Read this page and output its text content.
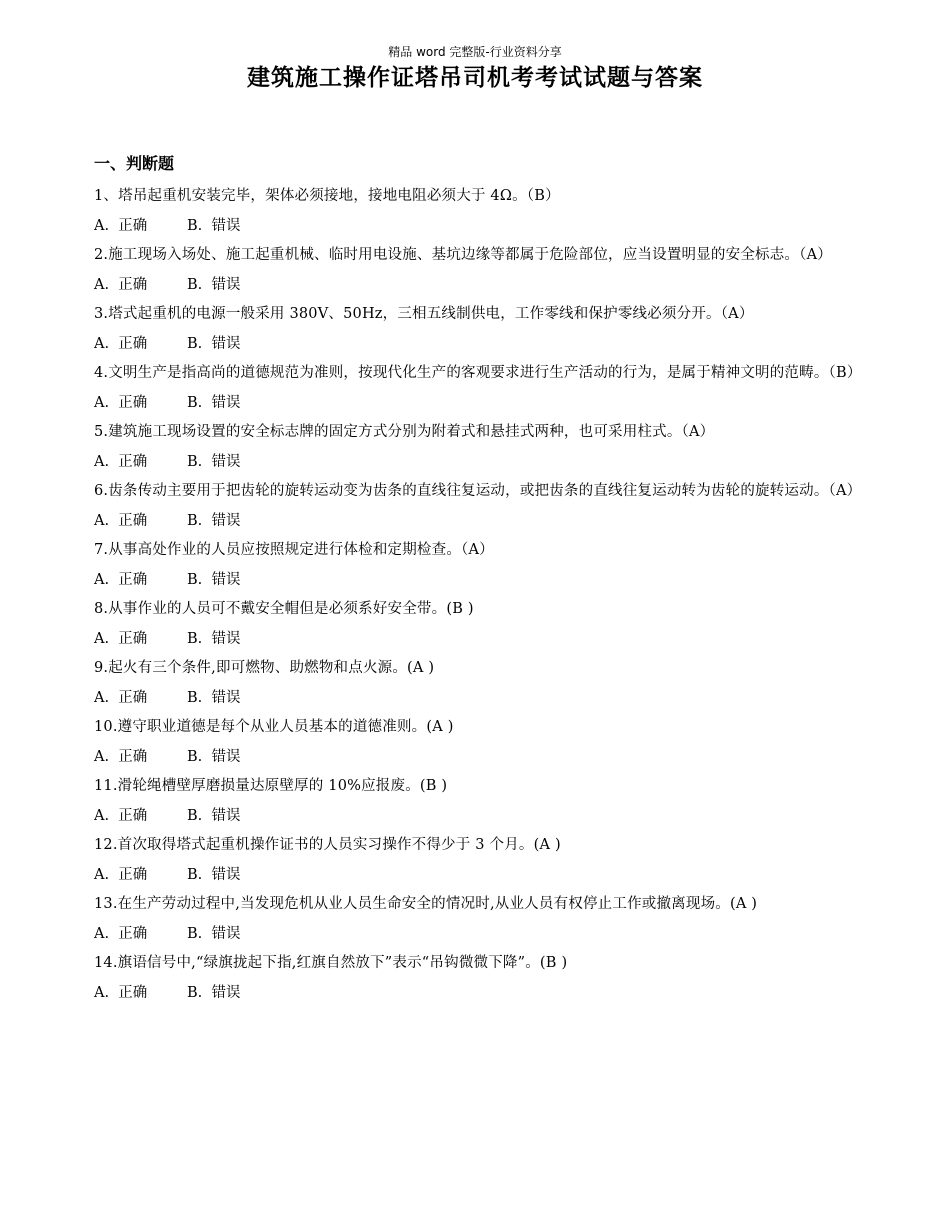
精品 word 完整版-行业资料分享
建筑施工操作证塔吊司机考考试试题与答案
一、判断题

1、塔吊起重机安装完毕，架体必须接地，接地电阻必须大于 4Ω。（B）

A.  正确	B.  错误

2.施工现场入场处、施工起重机械、临时用电设施、基坑边缘等都属于危险部位，应当设置明显的安全标志。（A）

A.  正确	B.  错误

3.塔式起重机的电源一般采用 380V、50Hz，三相五线制供电，工作零线和保护零线必须分开。（A）

A.  正确	B.  错误

4.文明生产是指高尚的道德规范为准则，按现代化生产的客观要求进行生产活动的行为，是属于精神文明的范畴。（B）

A.  正确	B.  错误

5.建筑施工现场设置的安全标志牌的固定方式分别为附着式和悬挂式两种，也可采用柱式。（A）

A.  正确	B.  错误

6.齿条传动主要用于把齿轮的旋转运动变为齿条的直线往复运动，或把齿条的直线往复运动转为齿轮的旋转运动。（A）

A.  正确	B.  错误

7.从事高处作业的人员应按照规定进行体检和定期检查。（A）

A.  正确	B.  错误

8.从事作业的人员可不戴安全帽但是必须系好安全带。(B )

A.  正确	B.  错误

9.起火有三个条件,即可燃物、助燃物和点火源。(A )

A.  正确	B.  错误

10.遵守职业道德是每个从业人员基本的道德准则。(A )

A.  正确	B.  错误

11.滑轮绳槽壁厚磨损量达原壁厚的 10%应报废。(B )

A.  正确	B.  错误

12.首次取得塔式起重机操作证书的人员实习操作不得少于 3 个月。(A )

A.  正确	B.  错误

13.在生产劳动过程中,当发现危机从业人员生命安全的情况时,从业人员有权停止工作或撤离现场。(A )

A.  正确	B.  错误

14.旗语信号中,“绿旗拢起下指,红旗自然放下”表示“吊钩微微下降”。(B )

A.  正确	B.  错误
